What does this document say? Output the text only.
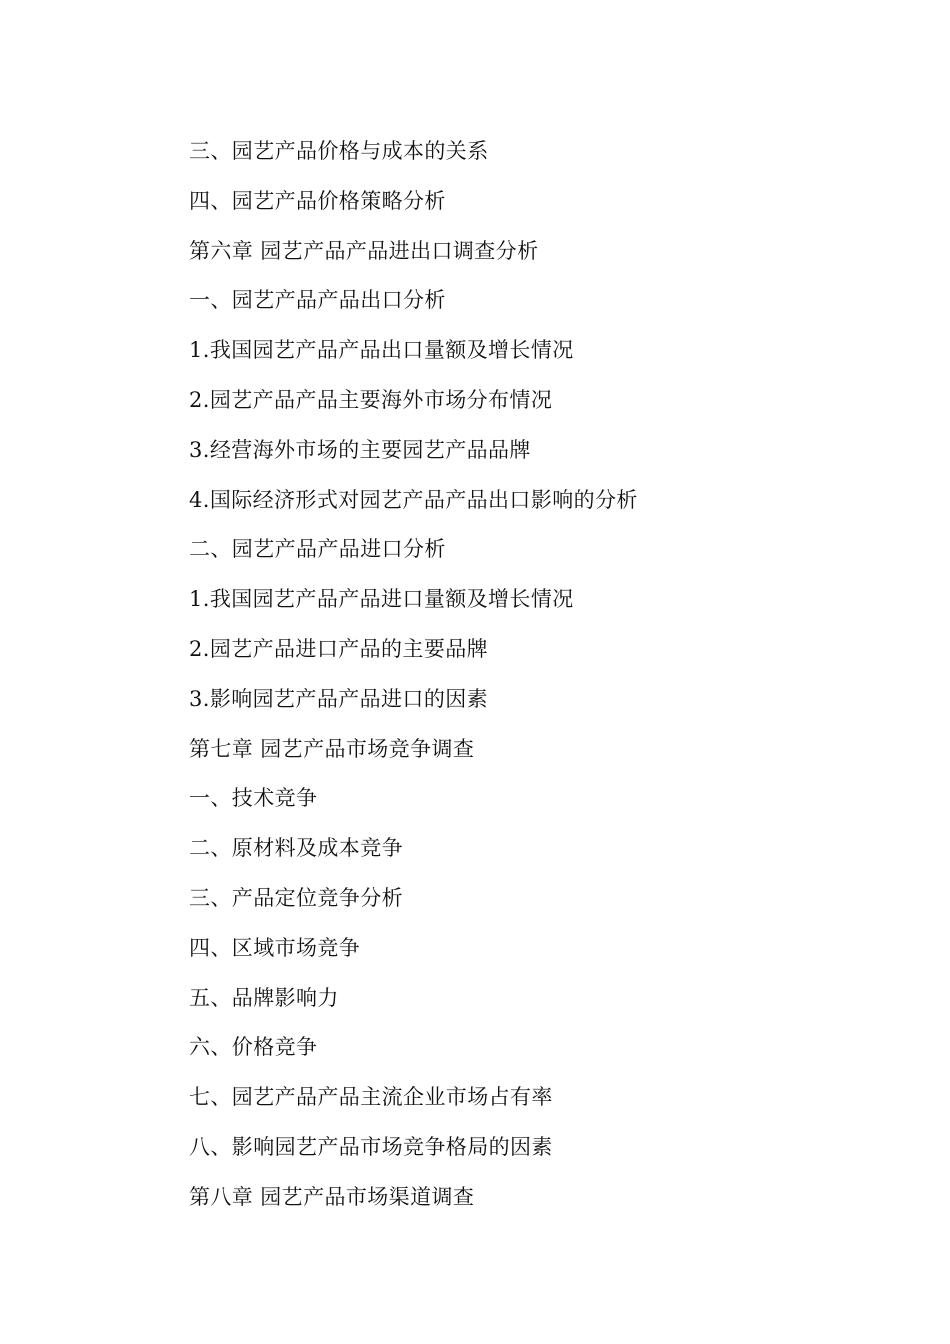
三、园艺产品价格与成本的关系
四、园艺产品价格策略分析
第六章 园艺产品产品进出口调查分析
一、园艺产品产品出口分析
1.我国园艺产品产品出口量额及增长情况
2.园艺产品产品主要海外市场分布情况
3.经营海外市场的主要园艺产品品牌
4.国际经济形式对园艺产品产品出口影响的分析
二、园艺产品产品进口分析
1.我国园艺产品产品进口量额及增长情况
2.园艺产品进口产品的主要品牌
3.影响园艺产品产品进口的因素
第七章 园艺产品市场竞争调查
一、技术竞争
二、原材料及成本竞争
三、产品定位竞争分析
四、区域市场竞争
五、品牌影响力
六、价格竞争
七、园艺产品产品主流企业市场占有率
八、影响园艺产品市场竞争格局的因素
第八章 园艺产品市场渠道调查
